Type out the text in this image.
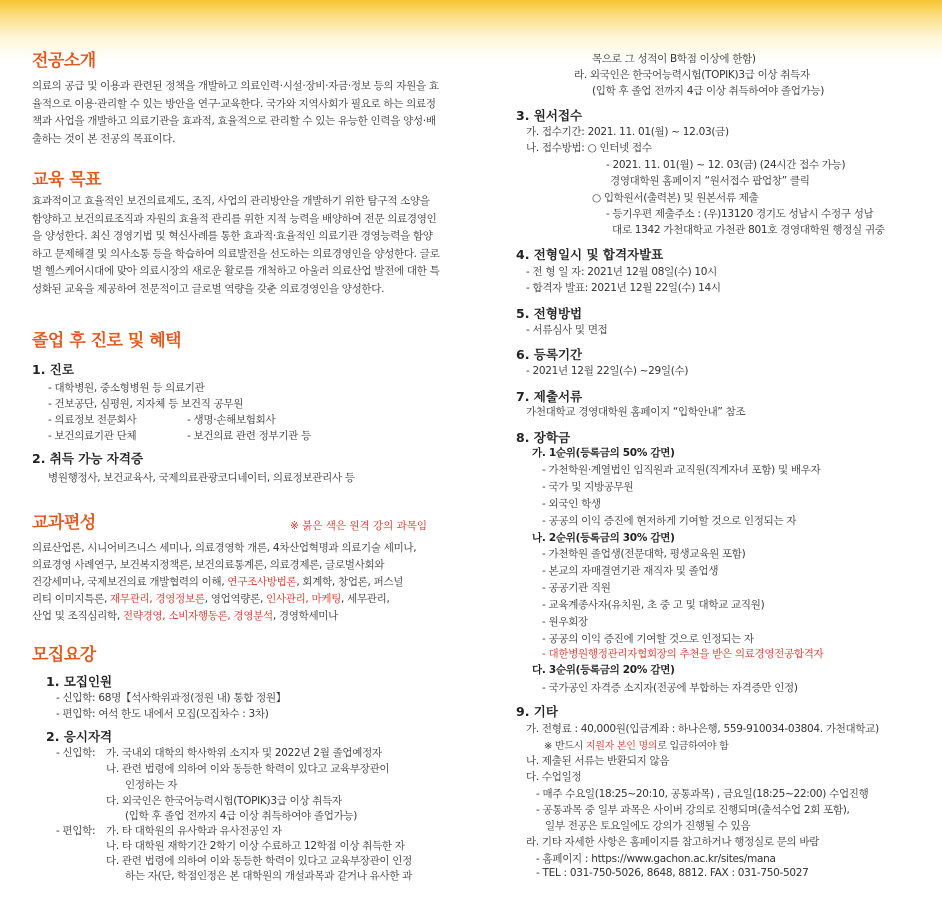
전공소개
의료의 공급 및 이용과 관련된 정책을 개발하고 의료인력·시설·장비·자금·정보 등의 자원을 효율적으로 이용·관리할 수 있는 방안을 연구·교육한다. 국가와 지역사회가 필요로 하는 의료정책과 사업을 개발하고 의료기관을 효과적, 효율적으로 관리할 수 있는 유능한 인력을 양성·배출하는 것이 본 전공의 목표이다.
교육 목표
효과적이고 효율적인 보건의료제도, 조직, 사업의 관리방안을 개발하기 위한 탐구적 소양을 함양하고 보건의료조직과 자원의 효율적 관리를 위한 지적 능력을 배양하여 전문 의료경영인을 양성한다. 최신 경영기법 및 혁신사례를 통한 효과적·효율적인 의료기관 경영능력을 함양하고 문제해결 및 의사소통 등을 학습하여 의료발전을 선도하는 의료경영인을 양성한다. 글로벌 헬스케어시대에 맞아 의료시장의 새로운 활로를 개척하고 아울러 의료산업 발전에 대한 특성화된 교육을 제공하여 전문적이고 글로벌 역량을 갖춘 의료경영인을 양성한다.
졸업 후 진로 및 혜택
1. 진로
- 대학병원, 중소형병원 등 의료기관
- 건보공단, 심평원, 지자체 등 보건직 공무원
- 의료정보 전문회사	- 생명·손해보험회사
- 보건의료기관 단체	- 보건의료 관련 정부기관 등
2. 취득 가능 자격증
병원행정사, 보건교육사, 국제의료관광코디네이터, 의료정보관리사 등
교과편성	※ 붉은 색은 원격 강의 과목임
의료산업론, 시니어비즈니스 세미나, 의료경영학 개론, 4차산업혁명과 의료기술 세미나,
의료경영 사례연구, 보건복지정책론, 보건의료통계론, 의료경제론, 글로벌사회와
건강세미나, 국제보건의료 개발협력의 이해, 연구조사방법론, 회계학, 창업론, 퍼스널
리티 이미지특론, 재무관리, 경영정보론, 영업역량론, 인사관리, 마케팅, 세무관리,
산업 및 조직심리학, 전략경영, 소비자행동론, 경영분석, 경영학세미나
모집요강
1. 모집인원
- 신입학: 68명【석사학위과정(정원 내) 통합 정원】
- 편입학: 여석 한도 내에서 모집(모집차수 : 3차)
2. 응시자격
- 신입학: 가. 국내외 대학의 학사학위 소지자 및 2022년 2월 졸업예정자
나. 관련 법령에 의하여 이와 동등한 학력이 있다고 교육부장관이
인정하는 자
다. 외국인은 한국어능력시험(TOPIK)3급 이상 취득자
(입학 후 졸업 전까지 4급 이상 취득하여야 졸업가능)
- 편입학: 가. 타 대학원의 유사학과 유사전공인 자
나. 타 대학원 재학기간 2학기 이상 수료하고 12학점 이상 취득한 자
다. 관련 법령에 의하여 이와 동등한 학력이 있다고 교육부장관이 인정
하는 자(단, 학점인정은 본 대학원의 개설과목과 같거나 유사한 과
목으로 그 성적이 B학점 이상에 한함)
라. 외국인은 한국어능력시험(TOPIK)3급 이상 취득자
(입학 후 졸업 전까지 4급 이상 취득하여야 졸업가능)
3. 원서접수
가. 접수기간: 2021. 11. 01(월) ~ 12.03(금)
나. 접수방법: ○ 인터넷 접수
- 2021. 11. 01(월) ~ 12. 03(금) (24시간 접수 가능)
경영대학원 홈페이지 “원서접수 팝업창” 클릭
○ 입학원서(출력본) 및 원본서류 제출
- 등기우편 제출주소 : (우)13120 경기도 성남시 수정구 성남
대로 1342 가천대학교 가천관 801호 경영대학원 행정실 귀중
4. 전형일시 및 합격자발표
- 전 형 일 자: 2021년 12월 08일(수) 10시
- 합격자 발표: 2021년 12월 22일(수) 14시
5. 전형방법
- 서류심사 및 면접
6. 등록기간
- 2021년 12월 22일(수) ~29일(수)
7. 제출서류
가천대학교 경영대학원 홈페이지 “입학안내” 참조
8. 장학금
가. 1순위(등록금의 50% 감면)
- 가천학원·계열법인 임직원과 교직원(직계자녀 포함) 및 배우자
- 국가 및 지방공무원
- 외국인 학생
- 공공의 이익 증진에 현저하게 기여할 것으로 인정되는 자
나. 2순위(등록금의 30% 감면)
- 가천학원 졸업생(전문대학, 평생교육원 포함)
- 본교의 자매결연기관 재직자 및 졸업생
- 공공기관 직원
- 교육계종사자(유치원, 초 중 고 및 대학교 교직원)
- 원우회장
- 공공의 이익 증진에 기여할 것으로 인정되는 자
- 대한병원행정관리자협회장의 추천을 받은 의료경영전공합격자
다. 3순위(등록금의 20% 감면)
- 국가공인 자격증 소지자(전공에 부합하는 자격증만 인정)
9. 기타
가. 전형료 : 40,000원(입금계좌 : 하나은행, 559-910034-03804. 가천대학교)
※ 반드시 지원자 본인 명의로 입금하여야 함
나. 제출된 서류는 반환되지 않음
다. 수업일정
- 매주 수요일(18:25~20:10, 공통과목) , 금요일(18:25~22:00) 수업진행
- 공통과목 중 일부 과목은 사이버 강의로 진행되며(출석수업 2회 포함),
일부 전공은 토요일에도 강의가 진행될 수 있음
라. 기타 자세한 사항은 홈페이지를 참고하거나 행정실로 문의 바람
- 홈페이지 : https://www.gachon.ac.kr/sites/mana
- TEL : 031-750-5026, 8648, 8812. FAX : 031-750-5027
